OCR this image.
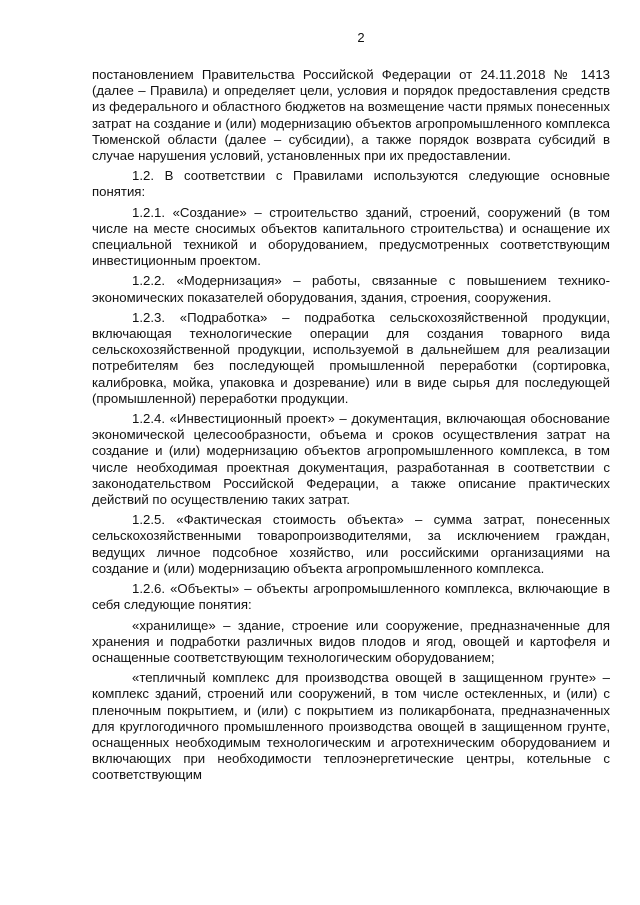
2

постановлением Правительства Российской Федерации от 24.11.2018 № 1413 (далее – Правила) и определяет цели, условия и порядок предоставления средств из федерального и областного бюджетов на возмещение части прямых понесенных затрат на создание и (или) модернизацию объектов агропромышленного комплекса Тюменской области (далее – субсидии), а также порядок возврата субсидий в случае нарушения условий, установленных при их предоставлении.

1.2. В соответствии с Правилами используются следующие основные понятия:

1.2.1. «Создание» – строительство зданий, строений, сооружений (в том числе на месте сносимых объектов капитального строительства) и оснащение их специальной техникой и оборудованием, предусмотренных соответствующим инвестиционным проектом.

1.2.2. «Модернизация» – работы, связанные с повышением технико-экономических показателей оборудования, здания, строения, сооружения.

1.2.3. «Подработка» – подработка сельскохозяйственной продукции, включающая технологические операции для создания товарного вида сельскохозяйственной продукции, используемой в дальнейшем для реализации потребителям без последующей промышленной переработки (сортировка, калибровка, мойка, упаковка и дозревание) или в виде сырья для последующей (промышленной) переработки продукции.

1.2.4. «Инвестиционный проект» – документация, включающая обоснование экономической целесообразности, объема и сроков осуществления затрат на создание и (или) модернизацию объектов агропромышленного комплекса, в том числе необходимая проектная документация, разработанная в соответствии с законодательством Российской Федерации, а также описание практических действий по осуществлению таких затрат.

1.2.5. «Фактическая стоимость объекта» – сумма затрат, понесенных сельскохозяйственными товаропроизводителями, за исключением граждан, ведущих личное подсобное хозяйство, или российскими организациями на создание и (или) модернизацию объекта агропромышленного комплекса.

1.2.6. «Объекты» – объекты агропромышленного комплекса, включающие в себя следующие понятия:

«хранилище» – здание, строение или сооружение, предназначенные для хранения и подработки различных видов плодов и ягод, овощей и картофеля и оснащенные соответствующим технологическим оборудованием;

«тепличный комплекс для производства овощей в защищенном грунте» – комплекс зданий, строений или сооружений, в том числе остекленных, и (или) с пленочным покрытием, и (или) с покрытием из поликарбоната, предназначенных для круглогодичного промышленного производства овощей в защищенном грунте, оснащенных необходимым технологическим и агротехническим оборудованием и включающих при необходимости теплоэнергетические центры, котельные с соответствующим
